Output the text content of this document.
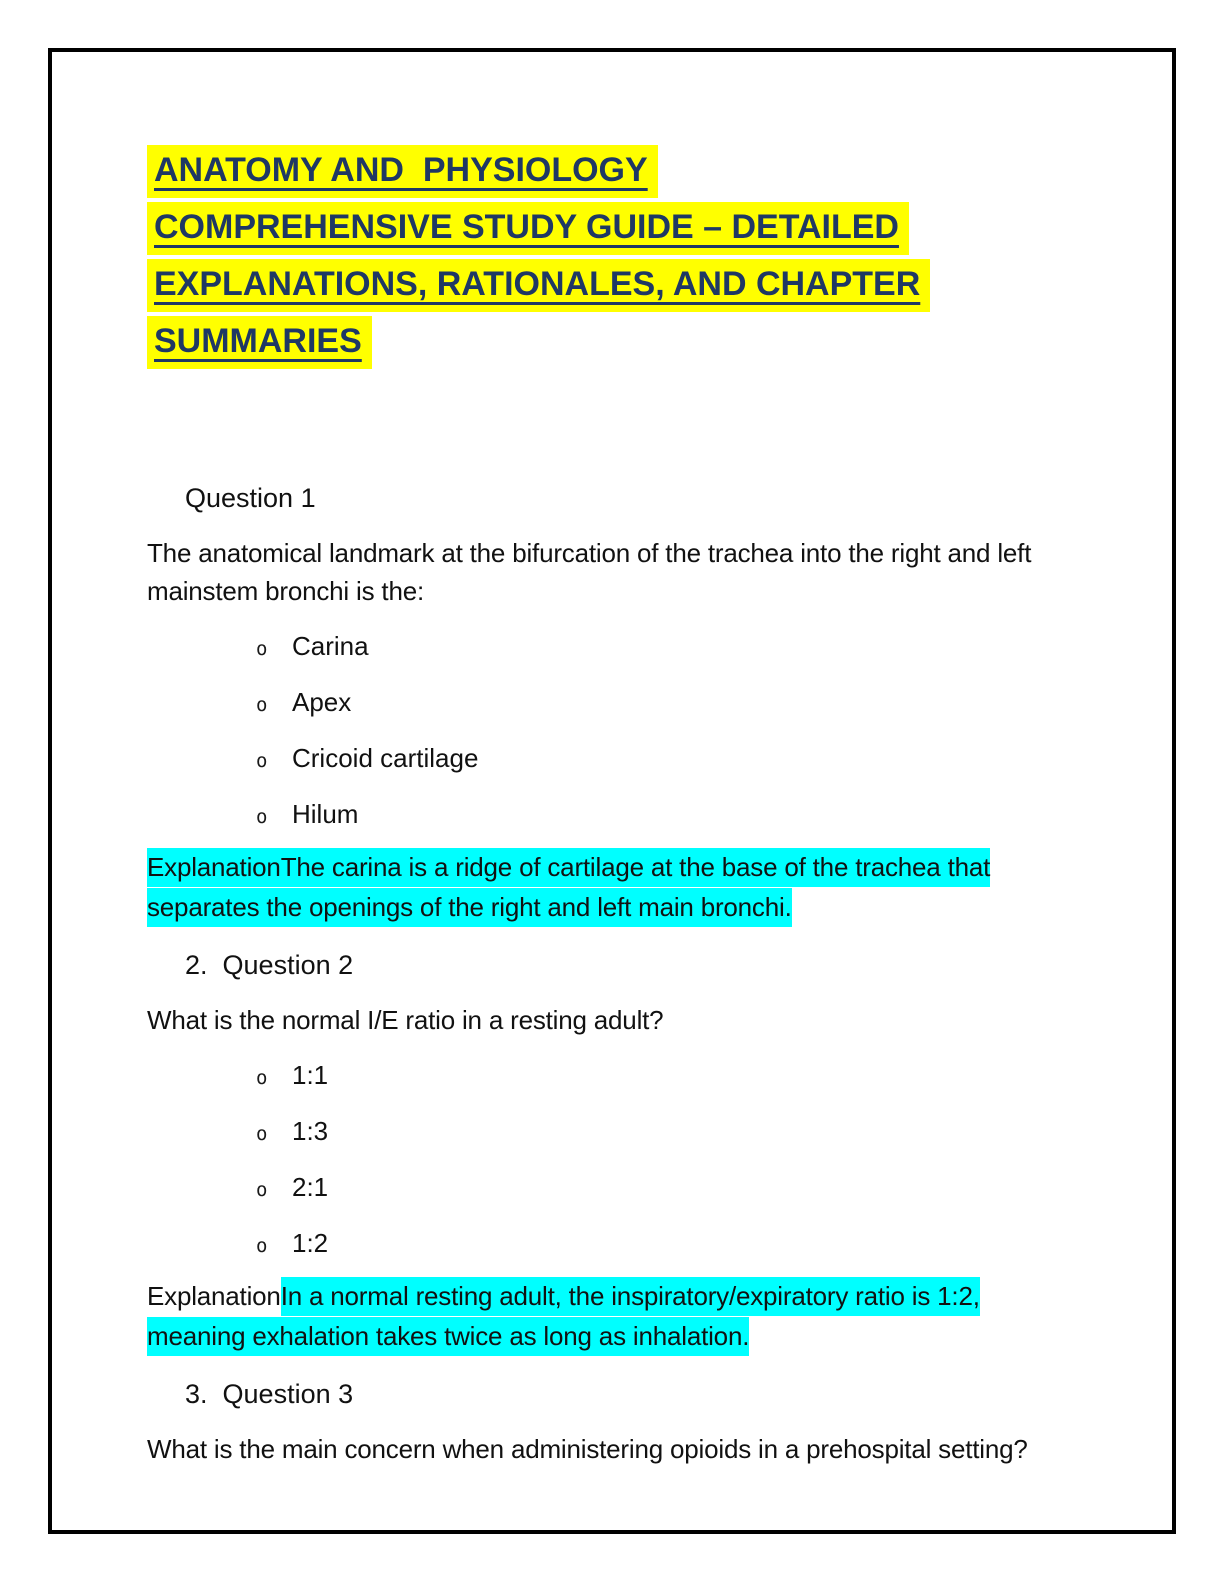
ANATOMY AND  PHYSIOLOGY
COMPREHENSIVE STUDY GUIDE – DETAILED
EXPLANATIONS, RATIONALES, AND CHAPTER
SUMMARIES
Question 1

The anatomical landmark at the bifurcation of the trachea into the right and left mainstem bronchi is the:

o Carina
o Apex
o Cricoid cartilage
o Hilum

ExplanationThe carina is a ridge of cartilage at the base of the trachea that separates the openings of the right and left main bronchi.

2. Question 2

What is the normal I/E ratio in a resting adult?

o 1:1
o 1:3
o 2:1
o 1:2

ExplanationIn a normal resting adult, the inspiratory/expiratory ratio is 1:2, meaning exhalation takes twice as long as inhalation.

3. Question 3

What is the main concern when administering opioids in a prehospital setting?
